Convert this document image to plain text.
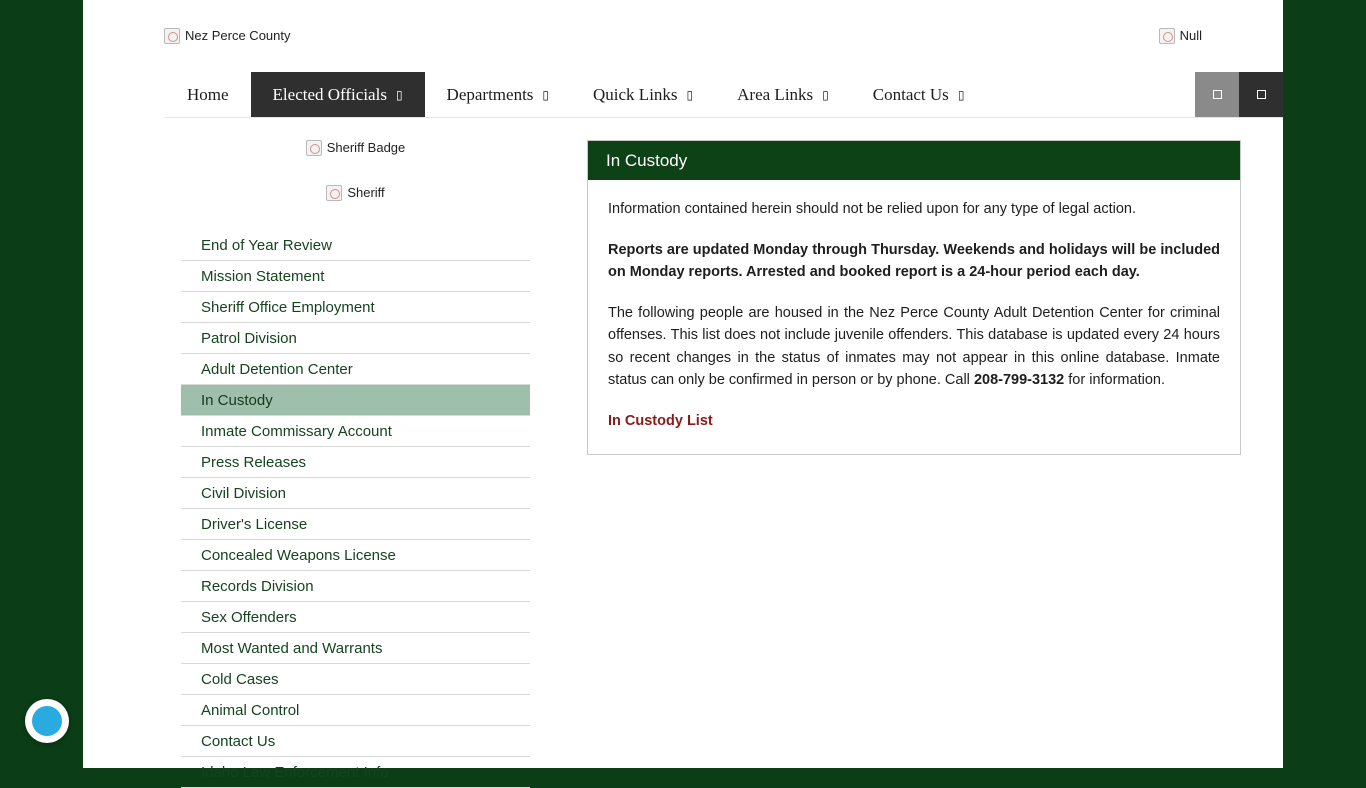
Nez Perce County	Null
Home	Elected Officials ▯	Departments ▯	Quick Links ▯	Area Links ▯	Contact Us ▯
Sheriff Badge
Sheriff
End of Year Review
Mission Statement
Sheriff Office Employment
Patrol Division
Adult Detention Center
In Custody
Inmate Commissary Account
Press Releases
Civil Division
Driver's License
Concealed Weapons License
Records Division
Sex Offenders
Most Wanted and Warrants
Cold Cases
Animal Control
Contact Us
Idaho Law Enforcement Info
In Custody

Information contained herein should not be relied upon for any type of legal action.

Reports are updated Monday through Thursday. Weekends and holidays will be included on Monday reports. Arrested and booked report is a 24-hour period each day.

The following people are housed in the Nez Perce County Adult Detention Center for criminal offenses. This list does not include juvenile offenders. This database is updated every 24 hours so recent changes in the status of inmates may not appear in this online database. Inmate status can only be confirmed in person or by phone. Call 208-799-3132 for information.

In Custody List
